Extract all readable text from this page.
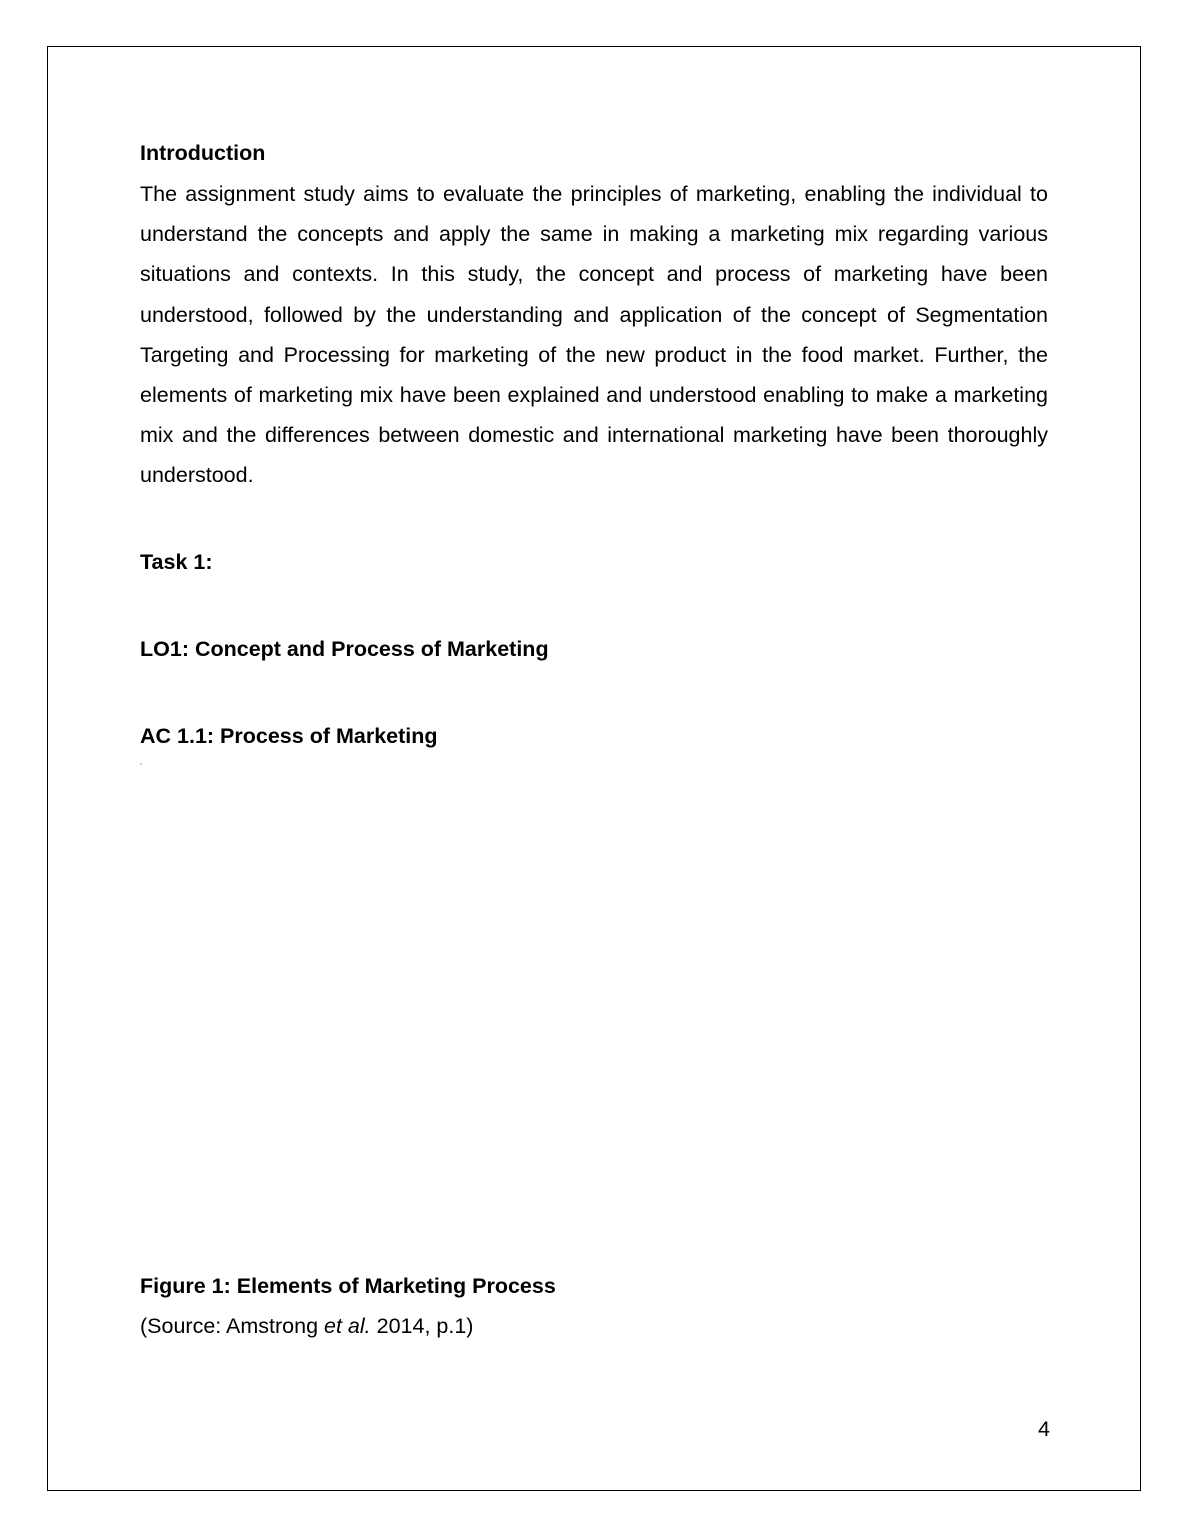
Introduction

The assignment study aims to evaluate the principles of marketing, enabling the individual to understand the concepts and apply the same in making a marketing mix regarding various situations and contexts. In this study, the concept and process of marketing have been understood, followed by the understanding and application of the concept of Segmentation Targeting and Processing for marketing of the new product in the food market. Further, the elements of marketing mix have been explained and understood enabling to make a marketing mix and the differences between domestic and international marketing have been thoroughly understood.

Task 1:
LO1: Concept and Process of Marketing
AC 1.1: Process of Marketing

Figure 1: Elements of Marketing Process

(Source: Amstrong et al. 2014, p.1)

4
